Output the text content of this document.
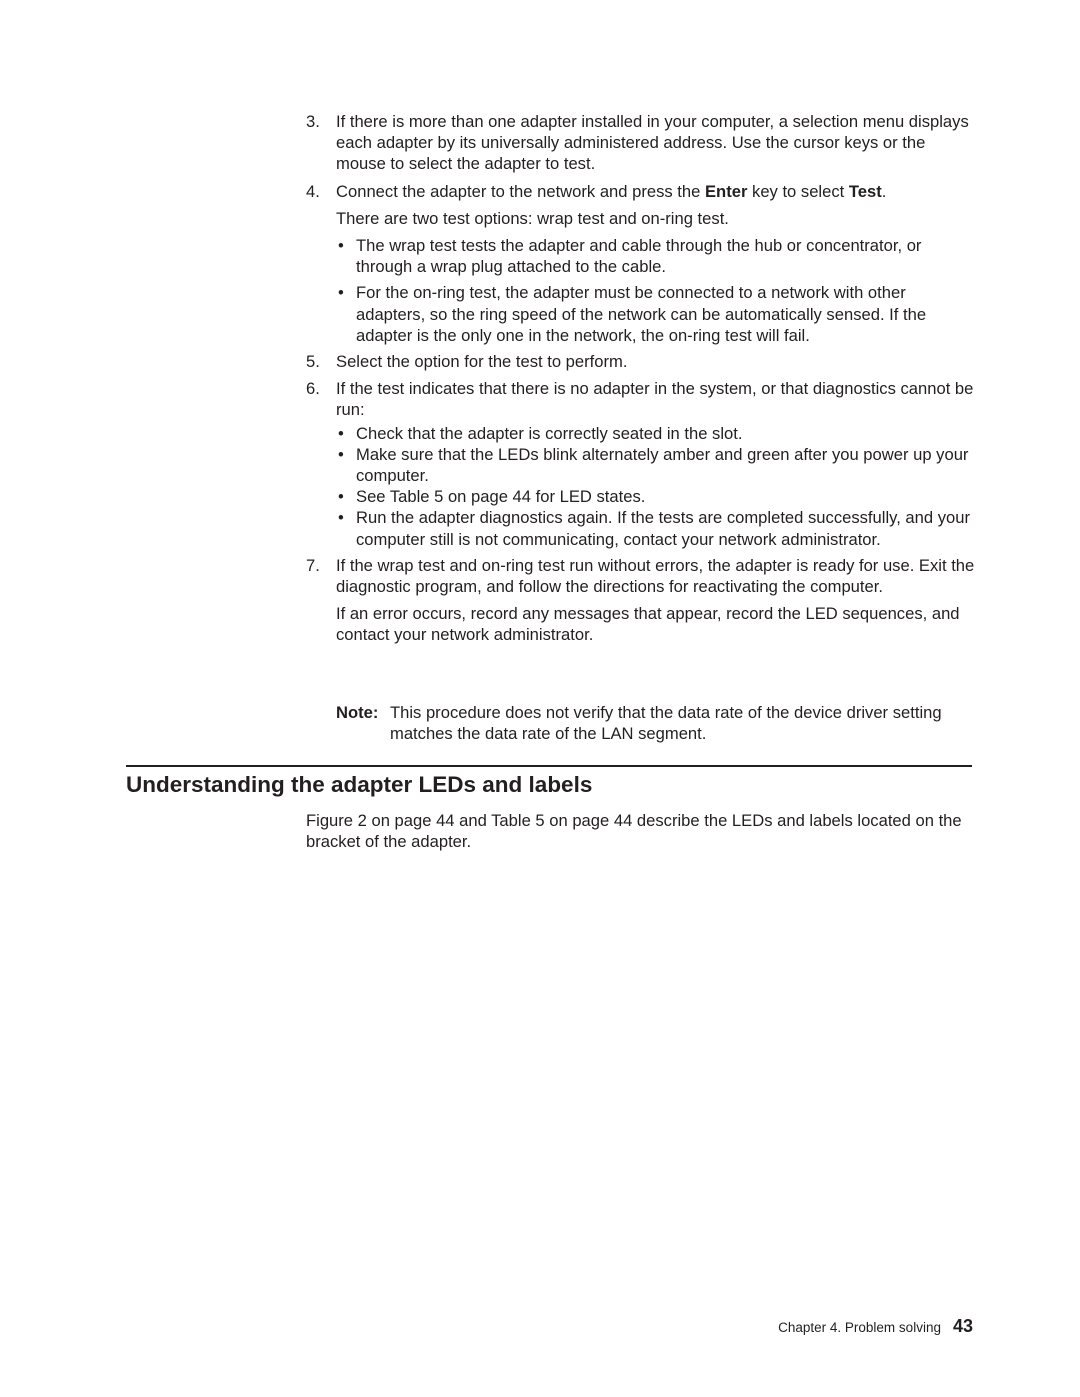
3. If there is more than one adapter installed in your computer, a selection menu displays each adapter by its universally administered address. Use the cursor keys or the mouse to select the adapter to test.

4. Connect the adapter to the network and press the Enter key to select Test.

There are two test options: wrap test and on-ring test.

• The wrap test tests the adapter and cable through the hub or concentrator, or through a wrap plug attached to the cable.
• For the on-ring test, the adapter must be connected to a network with other adapters, so the ring speed of the network can be automatically sensed. If the adapter is the only one in the network, the on-ring test will fail.
5. Select the option for the test to perform.

6. If the test indicates that there is no adapter in the system, or that diagnostics cannot be run:

• Check that the adapter is correctly seated in the slot.
• Make sure that the LEDs blink alternately amber and green after you power up your computer.
• See Table 5 on page 44 for LED states.
• Run the adapter diagnostics again. If the tests are completed successfully, and your computer still is not communicating, contact your network administrator.
7. If the wrap test and on-ring test run without errors, the adapter is ready for use. Exit the diagnostic program, and follow the directions for reactivating the computer.

If an error occurs, record any messages that appear, record the LED sequences, and contact your network administrator.

Note: This procedure does not verify that the data rate of the device driver setting matches the data rate of the LAN segment.
Understanding the adapter LEDs and labels

Figure 2 on page 44 and Table 5 on page 44 describe the LEDs and labels located on the bracket of the adapter.

Chapter 4. Problem solving 43
